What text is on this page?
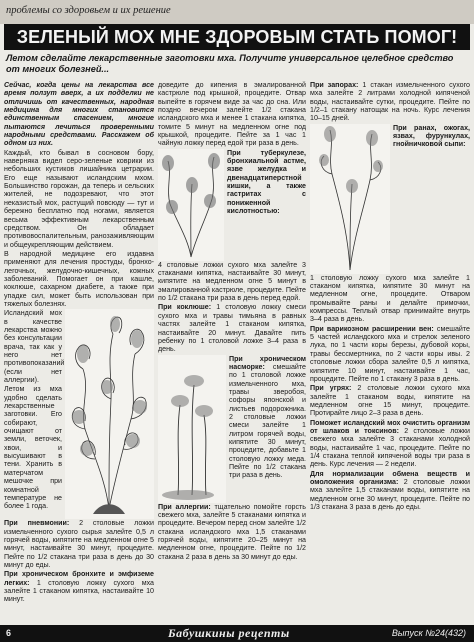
проблемы со здоровьем и их решение
ЗЕЛЕНЫЙ МОХ МНЕ ЗДОРОВЫМ СТАТЬ ПОМОГ!
Летом сделайте лекарственные заготовки мха. Получите универсальное целебное средство от многих болезней...

Сейчас, когда цены на лекарства все время ползут вверх, а их подделки не отличишь от качественных, народная медицина для многих становится единственным спасением, многие пытаются лечиться проверенными народными средствами. Расскажем об одном из них.

Каждый, кто бывал в сосновом бору, наверняка видел серо-зеленые коврики из небольших кустиков лишайника цетрарии. Его еще называют исландским мхом. Большинство горожан, да теперь и сельских жителей, не подозревают, что этот неказистый мох, растущий повсюду — тут и бережно бесплатно под ногами, является весьма эффективным лекарственным средством. Он обладает противовоспалительным, ранозаживляющим и общеукрепляющим действием.

В народной медицине его издавна применяют для лечения простуды, бронхо-легочных, желудочно-кишечных, кожных заболеваний. Помогает он при кашле, коклюше, сахарном диабете, а также при упадке сил, может быть использован при тяжелых болезнях.

Исландский мох в качестве лекарства можно без консультации врача, так как у него нет противопоказаний (если нет аллергии).

Летом из мха удобно сделать лекарственные заготовки. Его собирают, очищают от земли, веточек, хвои, и высушивают в тени. Хранить в матерчатом мешочке при комнатной температуре не более 1 года.

При пневмонии: 2 столовые ложки измельченного сухого сырья залейте 0,5 л горячей воды, кипятите на медленном огне 5 минут, настаивайте 30 минут, процедите. Пейте по 1/2 стакана три раза в день до 30 минут до еды.

При хроническом бронхите и эмфиземе легких: 1 столовую ложку сухого мха залейте 1 стаканом кипятка, настаивайте 10 минут.

доведите до кипения в эмалированной кастрюле под крышкой, процедите. Отвар выпейте в горячем виде за час до сна. Или поздно вечером залейте 1/2 стакана исландского мха и менее 1 стакана кипятка, томите 5 минут на медленном огне под крышкой, процедите. Пейте за 1 час 1 чайную ложку перед едой три раза в день.

При туберкулезе, бронхиальной астме, язве желудка и двенадцатиперстной кишки, а также гастритах с пониженной кислотностью:

4 столовые ложки сухого мха залейте 3 стаканами кипятка, настаивайте 30 минут, кипятите на медленном огне 5 минут в эмалированной кастрюле, процедите. Пейте по 1/2 стакана три раза в день перед едой.

При коклюше: 1 столовую ложку смеси сухого мха и травы тимьяна в равных частях залейте 1 стаканом кипятка, настаивайте 20 минут. Давайте пить ребенку по 1 столовой ложке 3–4 раза в день.

При хроническом насморке: смешайте по 1 столовой ложке измельченного мха, травы зверобоя, софоры японской и листьев подорожника. 2 столовые ложки смеси залейте 1 литром горячей воды, кипятите 30 минут, процедите, добавьте 1 столовую ложку меда. Пейте по 1/2 стакана три раза в день.

При аллергии: тщательно помойте горсть свежего мха, залейте 5 стаканами кипятка и процедите. Вечером перед сном залейте 1/2 стакана исландского мха 1,5 стаканами горячей воды, кипятите 20–25 минут на медленном огне, процедите. Пейте по 1/2 стакана 2 раза в день за 30 минут до еды.

При запорах: 1 стакан измельченного сухого мха залейте 2 литрами холодной кипяченой воды, настаивайте сутки, процедите. Пейте по 1/2–1 стакану натощак на ночь. Курс лечения 10–15 дней.

При ранах, ожогах, язвах, фурункулах, гнойничковой сыпи:

1 столовую ложку сухого мха залейте 1 стаканом кипятка, кипятите 30 минут на медленном огне, процедите. Отваром промывайте раны и делайте примочки, компрессы. Теплый отвар принимайте внутрь 3–4 раза в день.

При варикозном расширении вен: смешайте 5 частей исландского мха и стрелок зеленого лука, по 1 части коры березы, дубовой коры, травы бессмертника, по 2 части коры ивы. 2 столовые ложки сбора залейте 0,5 л кипятка, кипятите 10 минут, настаивайте 1 час, процедите. Пейте по 1 стакану 3 раза в день.

При угрях: 2 столовые ложки сухого мха залейте 1 стаканом воды, кипятите на медленном огне 15 минут, процедите. Протирайте лицо 2–3 раза в день.

Поможет исландский мох очистить организм от шлаков и токсинов: 2 столовые ложки свежего мха залейте 3 стаканами холодной воды, настаивайте 1 час, процедите. Пейте по 1/4 стакана теплой кипяченой воды три раза в день. Курс лечения — 2 недели.

Для нормализации обмена веществ и омоложения организма: 2 столовые ложки мха залейте 1,5 стаканами воды, кипятите на медленном огне 30 минут, процедите. Пейте по 1/3 стакана 3 раза в день до еды.

6	Бабушкины рецепты	Выпуск №24(432)
